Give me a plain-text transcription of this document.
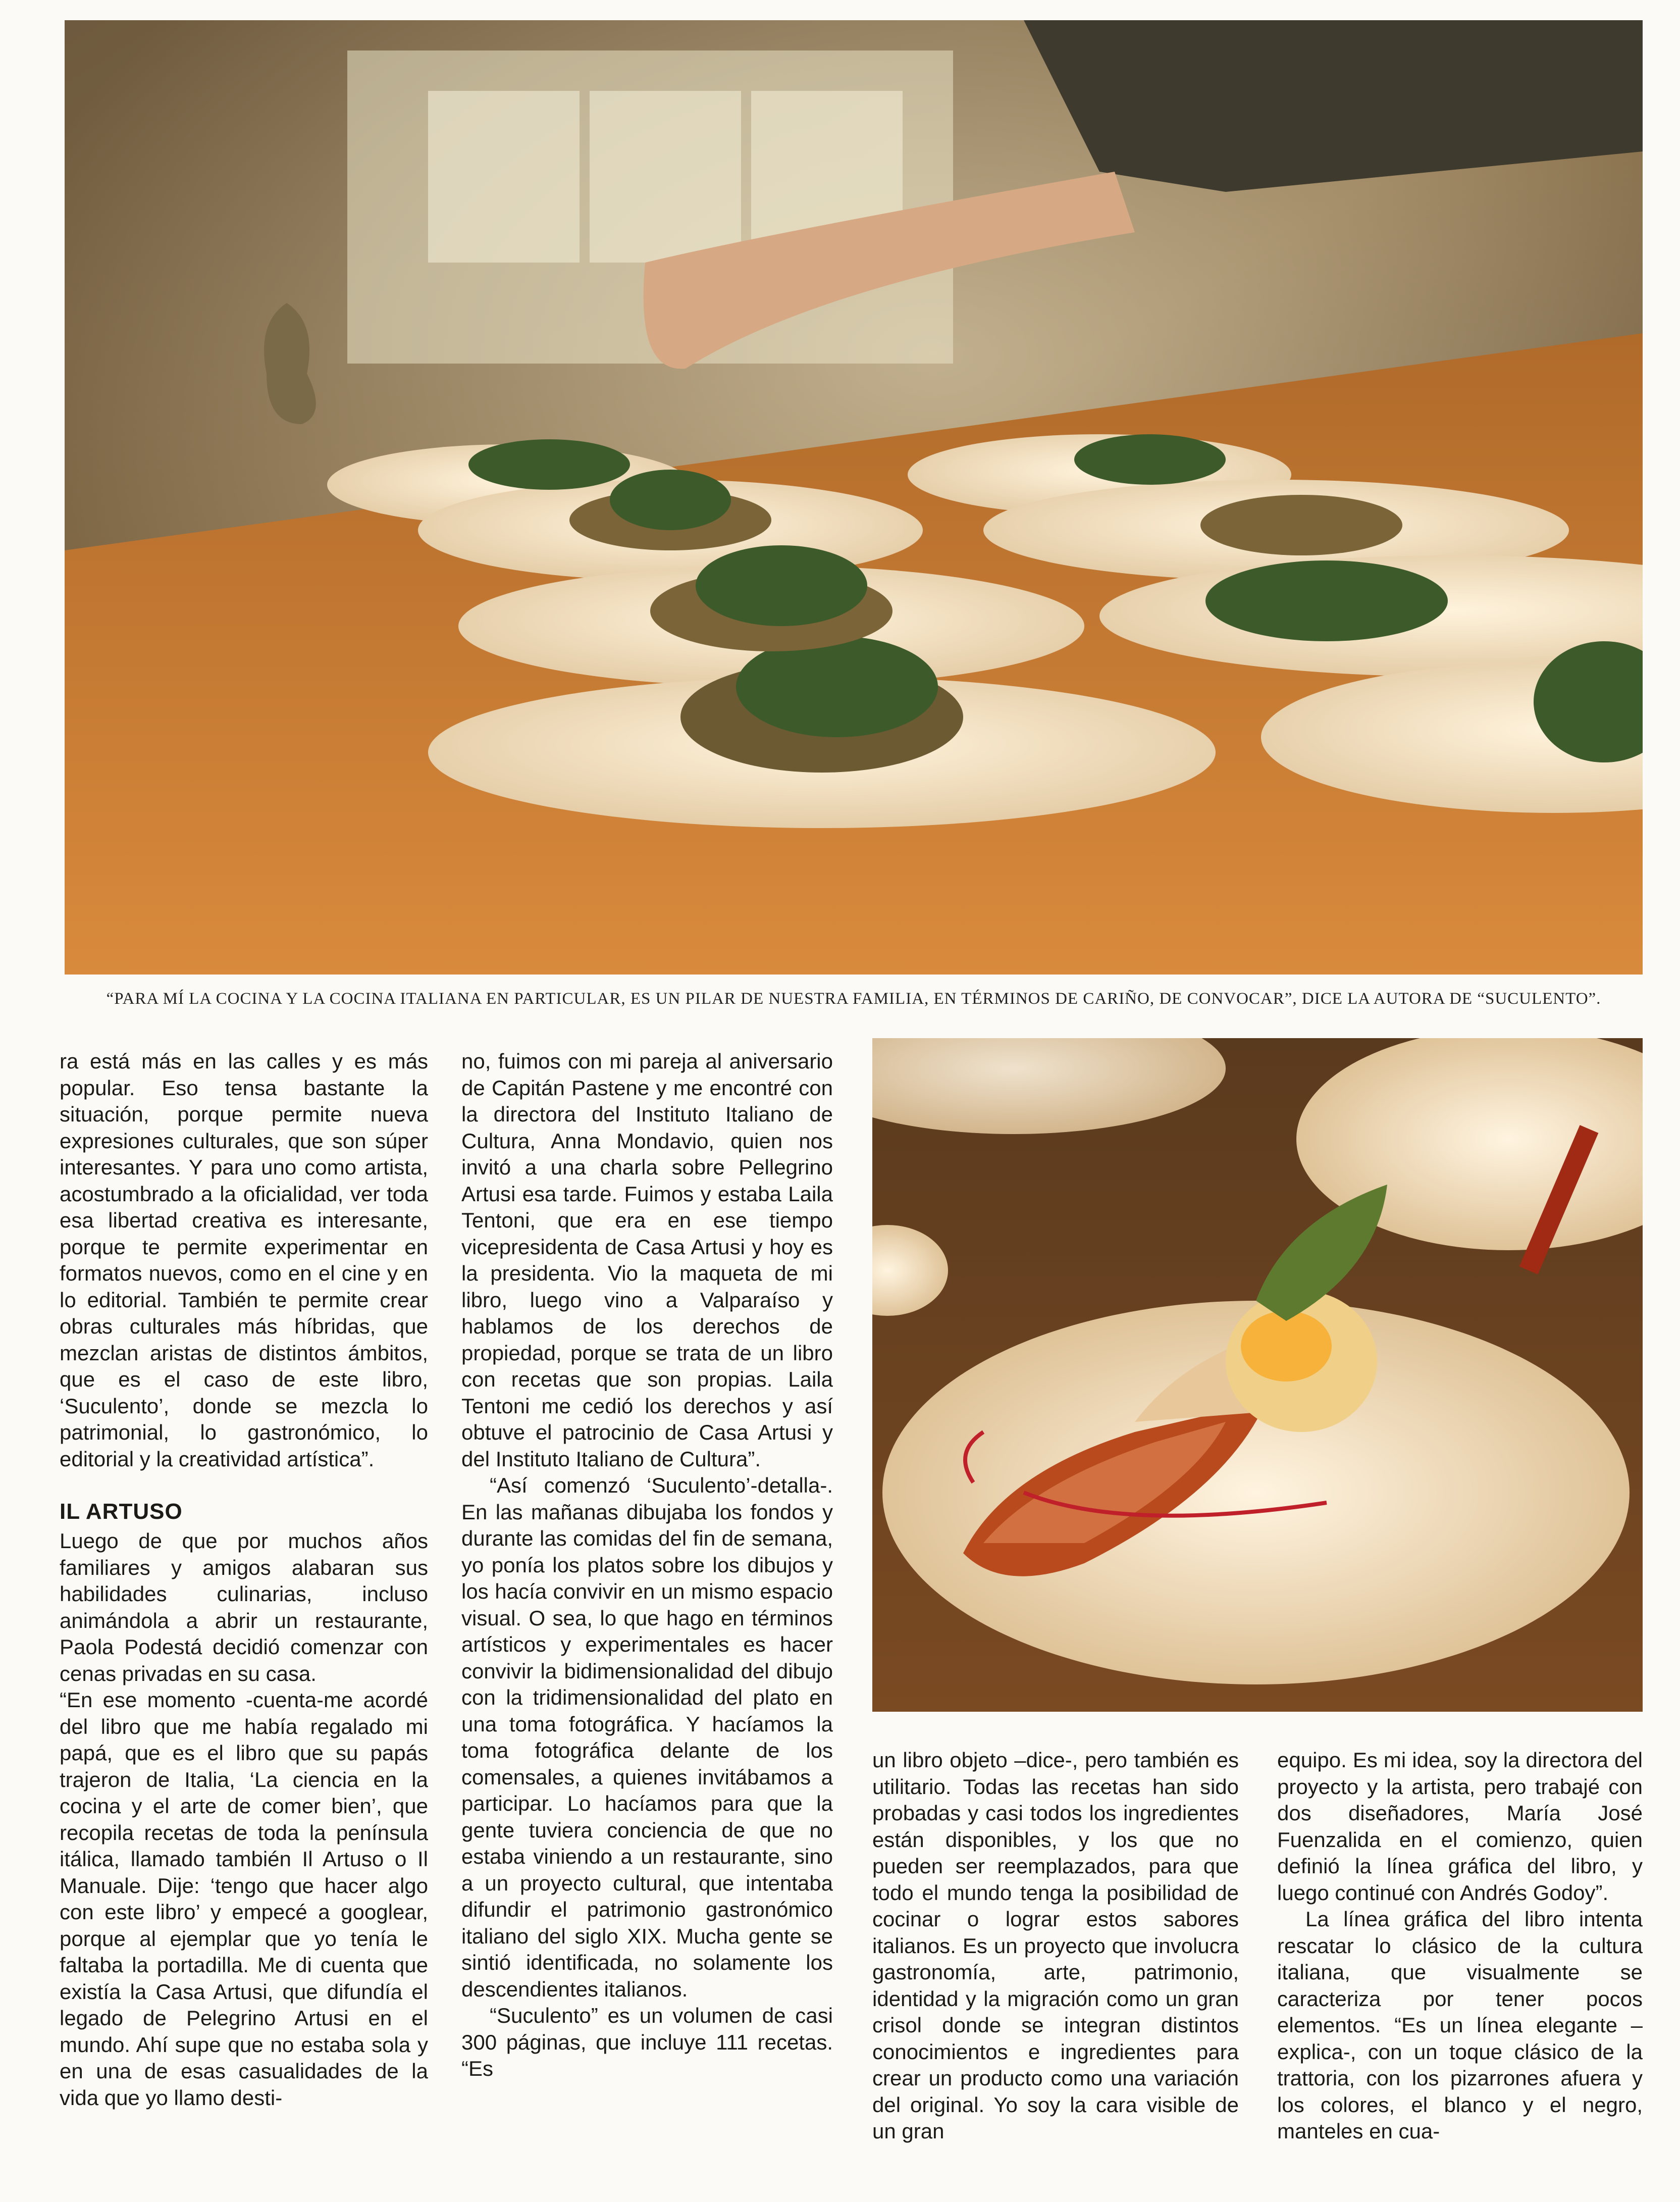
“PARA MÍ LA COCINA Y LA COCINA ITALIANA EN PARTICULAR, ES UN PILAR DE NUESTRA FAMILIA, EN TÉRMINOS DE CARIÑO, DE CONVOCAR”, DICE LA AUTORA DE “SUCULENTO”.

ra está más en las calles y es más popular. Eso tensa bastante la situación, porque permite nueva expresiones culturales, que son súper interesantes. Y para uno como artista, acostumbrado a la oficialidad, ver toda esa libertad creativa es interesante, porque te permite experimentar en formatos nuevos, como en el cine y en lo editorial. También te permite crear obras culturales más híbridas, que mezclan aristas de distintos ámbitos, que es el caso de este libro, ‘Suculento’, donde se mezcla lo patrimonial, lo gastronómico, lo editorial y la creatividad artística”.

IL ARTUSO

Luego de que por muchos años familiares y amigos alabaran sus habilidades culinarias, incluso animándola a abrir un restaurante, Paola Podestá decidió comenzar con cenas privadas en su casa.

“En ese momento -cuenta-me acordé del libro que me había regalado mi papá, que es el libro que su papás trajeron de Italia, ‘La ciencia en la cocina y el arte de comer bien’, que recopila recetas de toda la península itálica, llamado también Il Artuso o Il Manuale. Dije: ‘tengo que hacer algo con este libro’ y empecé a googlear, porque al ejemplar que yo tenía le faltaba la portadilla. Me di cuenta que existía la Casa Artusi, que difundía el legado de Pelegrino Artusi en el mundo. Ahí supe que no estaba sola y en una de esas casualidades de la vida que yo llamo desti-

no, fuimos con mi pareja al aniversario de Capitán Pastene y me encontré con la directora del Instituto Italiano de Cultura, Anna Mondavio, quien nos invitó a una charla sobre Pellegrino Artusi esa tarde. Fuimos y estaba Laila Tentoni, que era en ese tiempo vicepresidenta de Casa Artusi y hoy es la presidenta. Vio la maqueta de mi libro, luego vino a Valparaíso y hablamos de los derechos de propiedad, porque se trata de un libro con recetas que son propias. Laila Tentoni me cedió los derechos y así obtuve el patrocinio de Casa Artusi y del Instituto Italiano de Cultura”.

“Así comenzó ‘Suculento’-detalla-. En las mañanas dibujaba los fondos y durante las comidas del fin de semana, yo ponía los platos sobre los dibujos y los hacía convivir en un mismo espacio visual. O sea, lo que hago en términos artísticos y experimentales es hacer convivir la bidimensionalidad del dibujo con la tridimensionalidad del plato en una toma fotográfica. Y hacíamos la toma fotográfica delante de los comensales, a quienes invitábamos a participar. Lo hacíamos para que la gente tuviera conciencia de que no estaba viniendo a un restaurante, sino a un proyecto cultural, que intentaba difundir el patrimonio gastronómico italiano del siglo XIX. Mucha gente se sintió identificada, no solamente los descendientes italianos.

“Suculento” es un volumen de casi 300 páginas, que incluye 111 recetas. “Es

un libro objeto –dice-, pero también es utilitario. Todas las recetas han sido probadas y casi todos los ingredientes están disponibles, y los que no pueden ser reemplazados, para que todo el mundo tenga la posibilidad de cocinar o lograr estos sabores italianos. Es un proyecto que involucra gastronomía, arte, patrimonio, identidad y la migración como un gran crisol donde se integran distintos conocimientos e ingredientes para crear un producto como una variación del original. Yo soy la cara visible de un gran

equipo. Es mi idea, soy la directora del proyecto y la artista, pero trabajé con dos diseñadores, María José Fuenzalida en el comienzo, quien definió la línea gráfica del libro, y luego continué con Andrés Godoy”.

La línea gráfica del libro intenta rescatar lo clásico de la cultura italiana, que visualmente se caracteriza por tener pocos elementos. “Es un línea elegante –explica-, con un toque clásico de la trattoria, con los pizarrones afuera y los colores, el blanco y el negro, manteles en cua-
